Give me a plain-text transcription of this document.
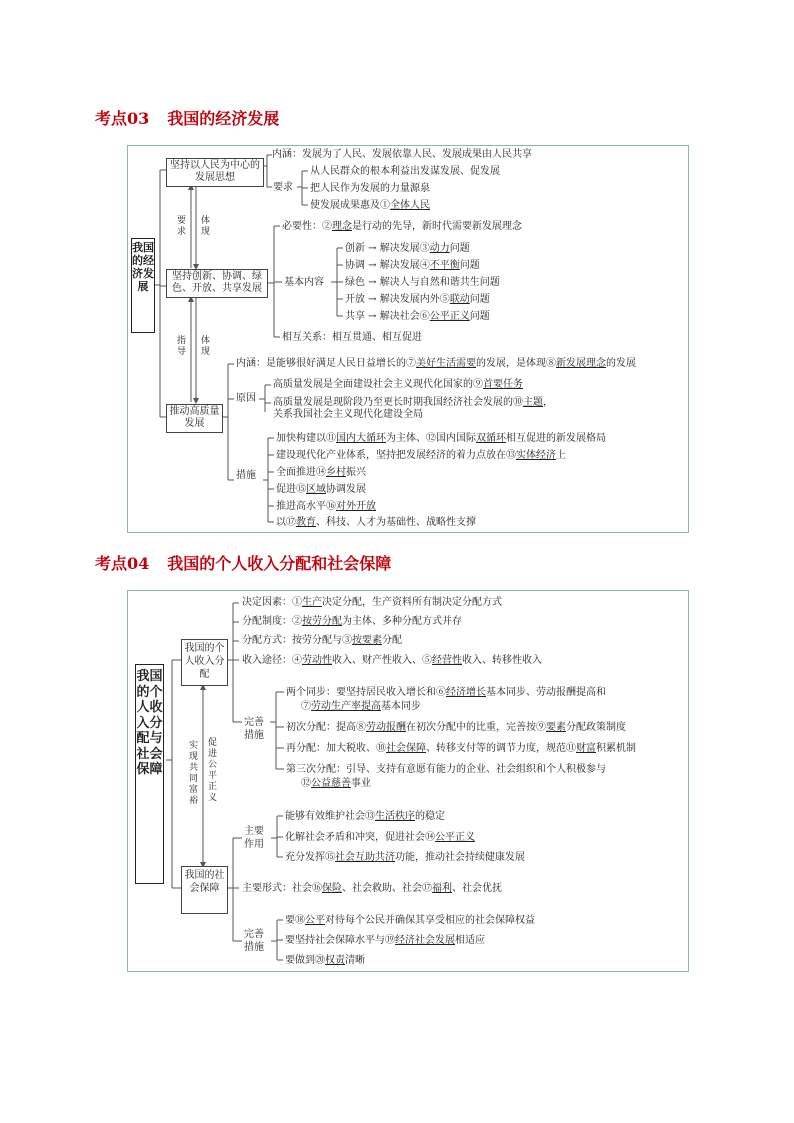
考点03 我国的经济发展
我国的经济发展
坚持以人民为中心的发展思想
内涵：发展为了人民、发展依靠人民、发展成果由人民共享
要求
从人民群众的根本利益出发谋发展、促发展
把人民作为发展的力量源泉
使发展成果惠及①全体人民
要求
体现
坚持创新、协调、绿色、开放、共享发展
必要性：②理念是行动的先导，新时代需要新发展理念
基本内容
创新 → 解决发展③动力问题
协调 → 解决发展④不平衡问题
绿色 → 解决人与自然和谐共生问题
开放 → 解决发展内外⑤联动问题
共享 → 解决社会⑥公平正义问题
相互关系：相互贯通、相互促进
指导
体现
推动高质量发展
内涵：是能够很好满足人民日益增长的⑦美好生活需要的发展，是体现⑧新发展理念的发展
原因
高质量发展是全面建设社会主义现代化国家的⑨首要任务
高质量发展是现阶段乃至更长时期我国经济社会发展的⑩主题，
关系我国社会主义现代化建设全局
措施
加快构建以⑪国内大循环为主体、⑫国内国际双循环相互促进的新发展格局
建设现代化产业体系，坚持把发展经济的着力点放在⑬实体经济上
全面推进⑭乡村振兴
促进⑮区域协调发展
推进高水平⑯对外开放
以⑰教育、科技、人才为基础性、战略性支撑
考点04 我国的个人收入分配和社会保障
我国的个人收入分配与社会保障
我国的个人收入分配
决定因素：①生产决定分配，生产资料所有制决定分配方式
分配制度：②按劳分配为主体、多种分配方式并存
分配方式：按劳分配与③按要素分配
收入途径：④劳动性收入、财产性收入、⑤经营性收入、转移性收入
完善措施
两个同步：要坚持居民收入增长和⑥经济增长基本同步、劳动报酬提高和
⑦劳动生产率提高基本同步
初次分配：提高⑧劳动报酬在初次分配中的比重，完善按⑨要素分配政策制度
再分配：加大税收、⑩社会保障、转移支付等的调节力度，规范⑪财富积累机制
第三次分配：引导、支持有意愿有能力的企业、社会组织和个人积极参与
⑫公益慈善事业
实现共同富裕
促进公平正义
我国的社会保障
主要作用
能够有效维护社会⑬生活秩序的稳定
化解社会矛盾和冲突，促进社会⑭公平正义
充分发挥⑮社会互助共济功能，推动社会持续健康发展
主要形式：社会⑯保险、社会救助、社会⑰福利、社会优抚
完善措施
要⑱公平对待每个公民并确保其享受相应的社会保障权益
要坚持社会保障水平与⑲经济社会发展相适应
要做到⑳权责清晰
